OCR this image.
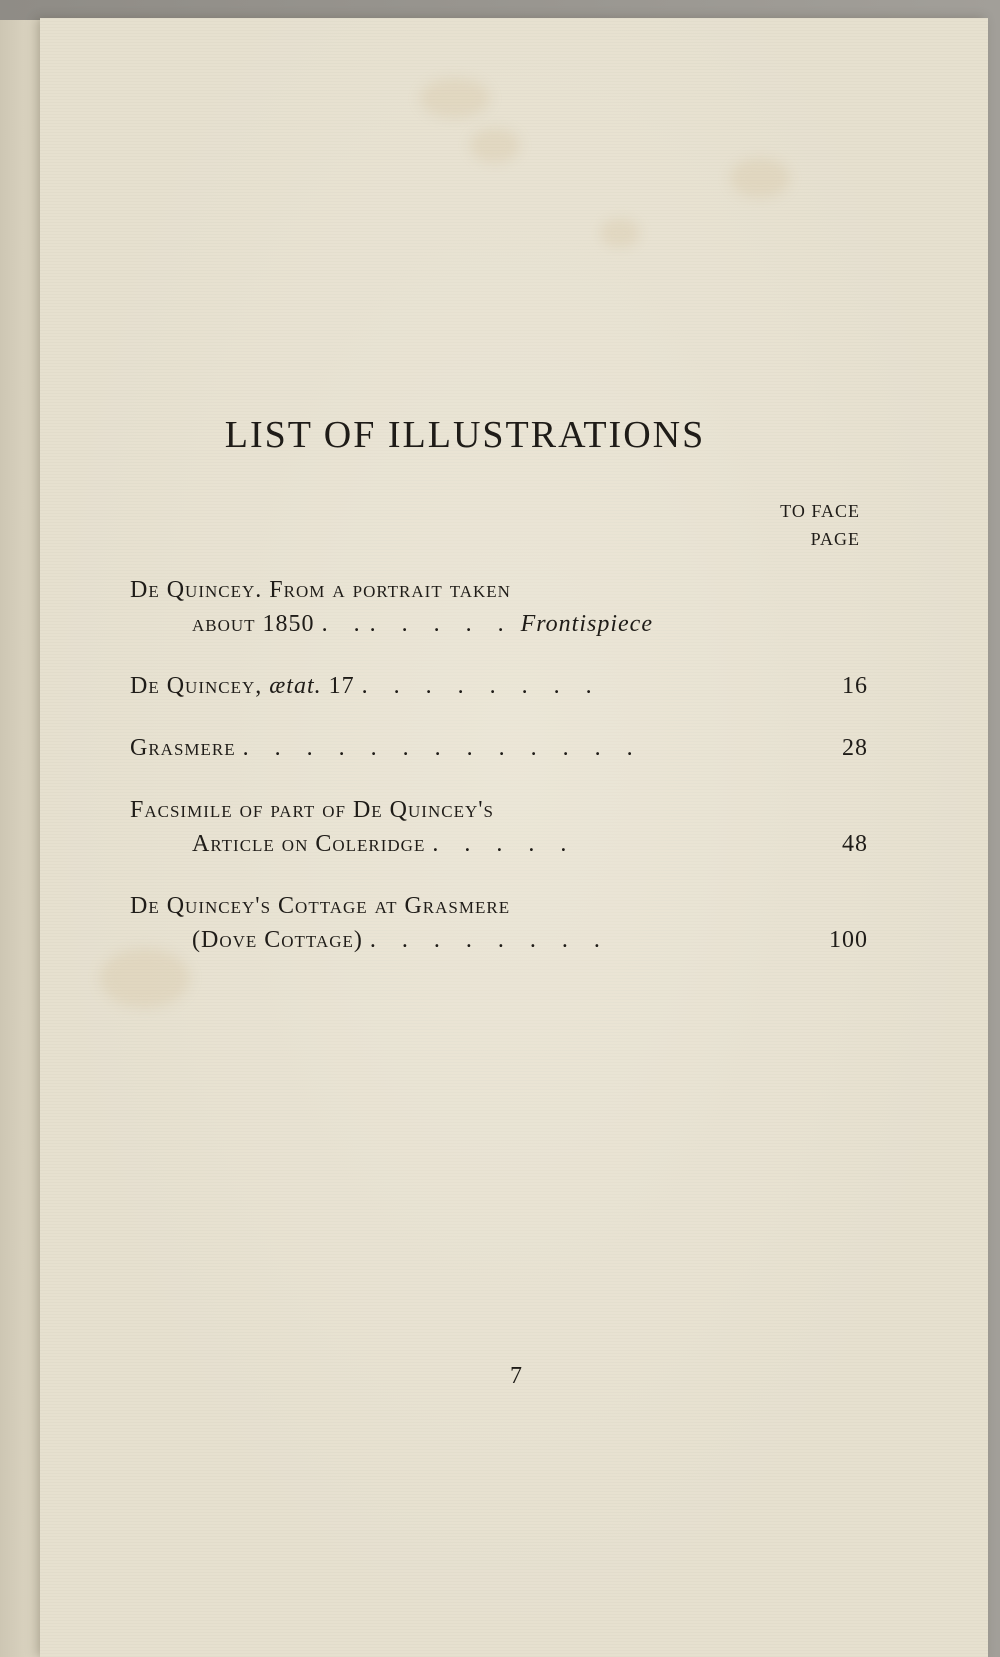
LIST OF ILLUSTRATIONS
TO FACE
PAGE
De Quincey. From a portrait taken
about 1850 . .. . . . . Frontispiece
De Quincey, ætat. 17 . . . . . . . .	16
Grasmere . . . . . . . . . . . . .	28
Facsimile of part of De Quincey's
Article on Coleridge . . . . .	48
De Quincey's Cottage at Grasmere
(Dove Cottage) . . . . . . . .	100
7
